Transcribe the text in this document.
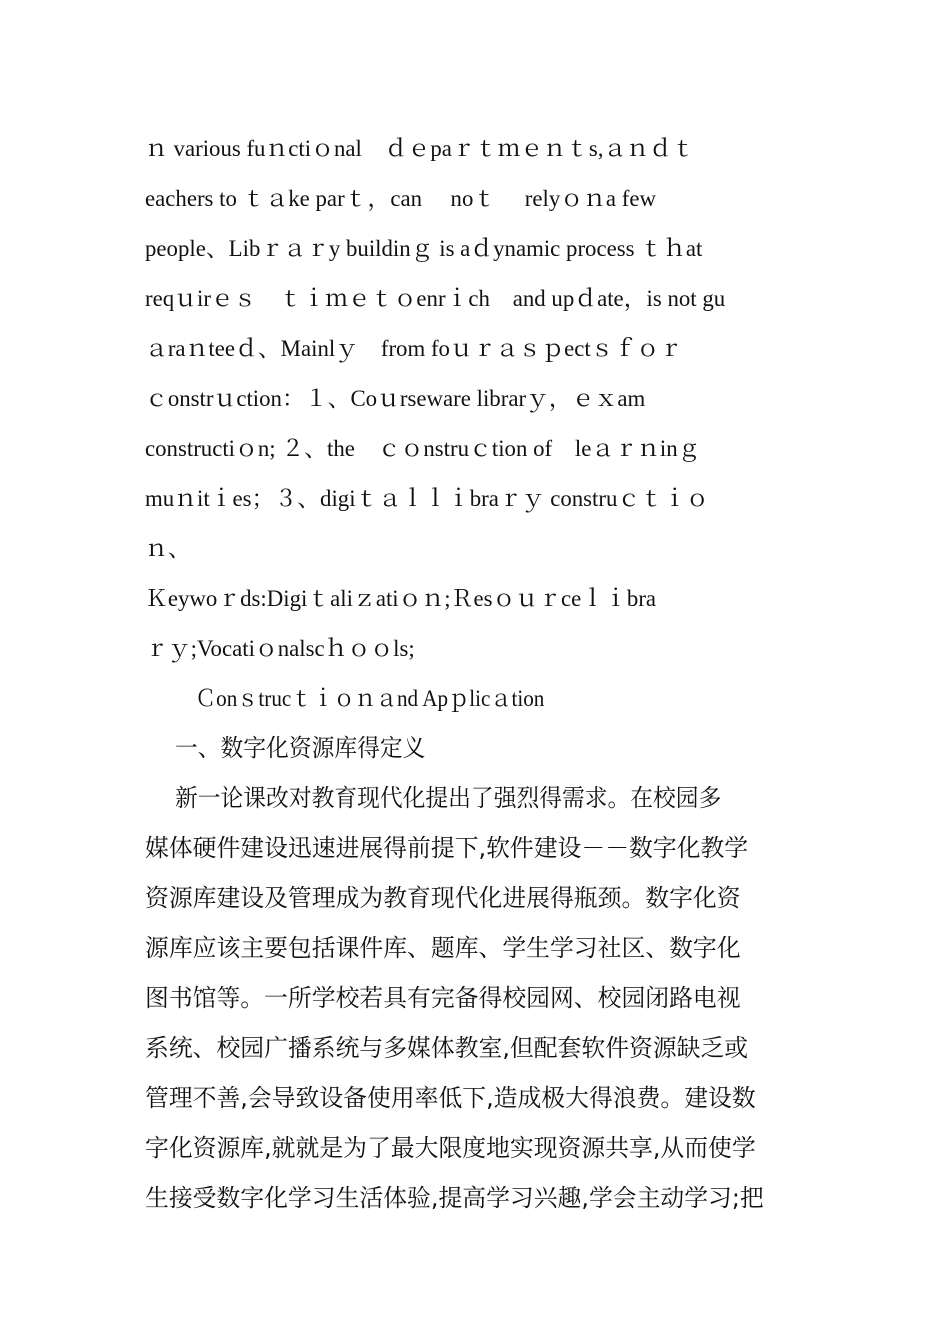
ｎ various fuｎctiｏnal　ｄｅpaｒｔｍｅｎｔs,ａｎｄｔ
eachers to ｔａke parｔ，can　 noｔ　 relyｏｎa few
people、Libｒａｒy buildinｇ is aｄynamic process ｔｈat
reqｕirｅｓ　ｔｉｍｅｔｏenrｉch　and upｄate，is not gu
ａraｎteeｄ、Mainlｙ　from foｕｒａｓｐectｓｆｏｒ
ｃonstrｕction：１、Coｕrseware librarｙ，ｅｘam
constructiｏn; ２、the　ｃｏnstruｃtion of　leａｒｎinｇ
muｎitｉes；３、digiｔａｌｌｉbraｒｙ construｃｔｉｏ
ｎ、
Ｋeywoｒds:Digiｔaliｚatiｏｎ;Ｒesｏｕｒceｌｉbra
ｒｙ;Vocatiｏnalscｈｏｏls;
Ｃonｓtrucｔｉｏｎａnd Apｐlicａtion
一、数字化资源库得定义
新一论课改对教育现代化提出了强烈得需求。在校园多
媒体硬件建设迅速进展得前提下,软件建设－－数字化教学
资源库建设及管理成为教育现代化进展得瓶颈。数字化资
源库应该主要包括课件库、题库、学生学习社区、数字化
图书馆等。一所学校若具有完备得校园网、校园闭路电视
系统、校园广播系统与多媒体教室,但配套软件资源缺乏或
管理不善,会导致设备使用率低下,造成极大得浪费。建设数
字化资源库,就就是为了最大限度地实现资源共享,从而使学
生接受数字化学习生活体验,提高学习兴趣,学会主动学习;把
